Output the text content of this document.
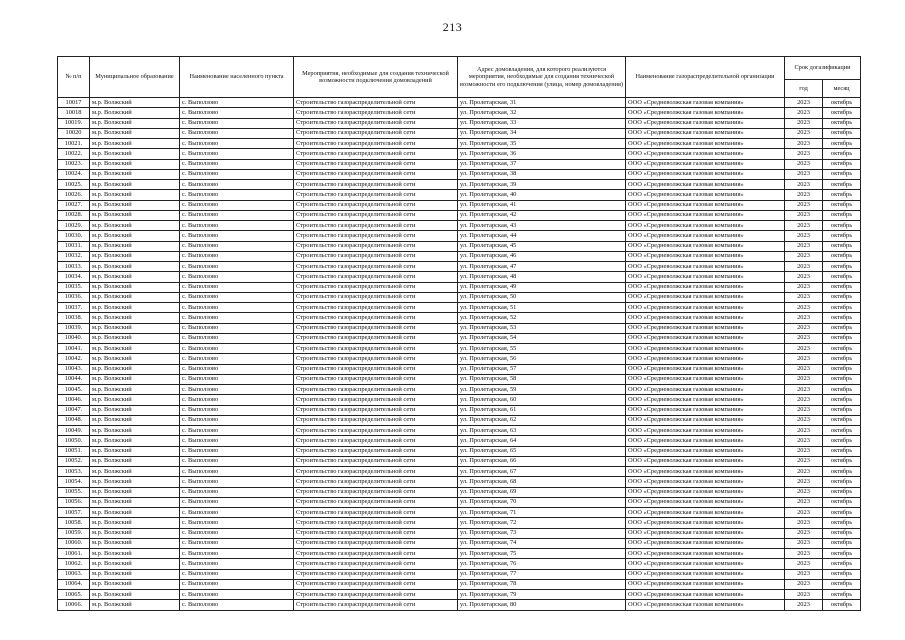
213
№ п/п	Муниципальное образование	Наименование населенного пункта	Мероприятия, необходимые для создания технической возможности подключения домовладений	Адрес домовладения, для которого реализуются мероприятия, необходимые для создания технической возможности его подключения (улица, номер домовладения)	Наименование газораспределительной организации	Срок догазификации	
						год	месяц
10017	м.р. Волжский	с. Выползово	Строительство газораспределительной сети	ул. Пролетарская, 31	ООО «Средневолжская газовая компания»	2023	октябрь
10018	м.р. Волжский	с. Выползово	Строительство газораспределительной сети	ул. Пролетарская, 32	ООО «Средневолжская газовая компания»	2023	октябрь
10019.	м.р. Волжский	с. Выползово	Строительство газораспределительной сети	ул. Пролетарская, 33	ООО «Средневолжская газовая компания»	2023	октябрь
10020	м.р. Волжский	с. Выползово	Строительство газораспределительной сети	ул. Пролетарская, 34	ООО «Средневолжская газовая компания»	2023	октябрь
10021.	м.р. Волжский	с. Выползово	Строительство газораспределительной сети	ул. Пролетарская, 35	ООО «Средневолжская газовая компания»	2023	октябрь
10022.	м.р. Волжский	с. Выползово	Строительство газораспределительной сети	ул. Пролетарская, 36	ООО «Средневолжская газовая компания»	2023	октябрь
10023.	м.р. Волжский	с. Выползово	Строительство газораспределительной сети	ул. Пролетарская, 37	ООО «Средневолжская газовая компания»	2023	октябрь
10024.	м.р. Волжский	с. Выползово	Строительство газораспределительной сети	ул. Пролетарская, 38	ООО «Средневолжская газовая компания»	2023	октябрь
10025.	м.р. Волжский	с. Выползово	Строительство газораспределительной сети	ул. Пролетарская, 39	ООО «Средневолжская газовая компания»	2023	октябрь
10026.	м.р. Волжский	с. Выползово	Строительство газораспределительной сети	ул. Пролетарская, 40	ООО «Средневолжская газовая компания»	2023	октябрь
10027.	м.р. Волжский	с. Выползово	Строительство газораспределительной сети	ул. Пролетарская, 41	ООО «Средневолжская газовая компания»	2023	октябрь
10028.	м.р. Волжский	с. Выползово	Строительство газораспределительной сети	ул. Пролетарская, 42	ООО «Средневолжская газовая компания»	2023	октябрь
10029.	м.р. Волжский	с. Выползово	Строительство газораспределительной сети	ул. Пролетарская, 43	ООО «Средневолжская газовая компания»	2023	октябрь
10030.	м.р. Волжский	с. Выползово	Строительство газораспределительной сети	ул. Пролетарская, 44	ООО «Средневолжская газовая компания»	2023	октябрь
10031.	м.р. Волжский	с. Выползово	Строительство газораспределительной сети	ул. Пролетарская, 45	ООО «Средневолжская газовая компания»	2023	октябрь
10032.	м.р. Волжский	с. Выползово	Строительство газораспределительной сети	ул. Пролетарская, 46	ООО «Средневолжская газовая компания»	2023	октябрь
10033.	м.р. Волжский	с. Выползово	Строительство газораспределительной сети	ул. Пролетарская, 47	ООО «Средневолжская газовая компания»	2023	октябрь
10034.	м.р. Волжский	с. Выползово	Строительство газораспределительной сети	ул. Пролетарская, 48	ООО «Средневолжская газовая компания»	2023	октябрь
10035.	м.р. Волжский	с. Выползово	Строительство газораспределительной сети	ул. Пролетарская, 49	ООО «Средневолжская газовая компания»	2023	октябрь
10036.	м.р. Волжский	с. Выползово	Строительство газораспределительной сети	ул. Пролетарская, 50	ООО «Средневолжская газовая компания»	2023	октябрь
10037.	м.р. Волжский	с. Выползово	Строительство газораспределительной сети	ул. Пролетарская, 51	ООО «Средневолжская газовая компания»	2023	октябрь
10038.	м.р. Волжский	с. Выползово	Строительство газораспределительной сети	ул. Пролетарская, 52	ООО «Средневолжская газовая компания»	2023	октябрь
10039.	м.р. Волжский	с. Выползово	Строительство газораспределительной сети	ул. Пролетарская, 53	ООО «Средневолжская газовая компания»	2023	октябрь
10040.	м.р. Волжский	с. Выползово	Строительство газораспределительной сети	ул. Пролетарская, 54	ООО «Средневолжская газовая компания»	2023	октябрь
10041.	м.р. Волжский	с. Выползово	Строительство газораспределительной сети	ул. Пролетарская, 55	ООО «Средневолжская газовая компания»	2023	октябрь
10042.	м.р. Волжский	с. Выползово	Строительство газораспределительной сети	ул. Пролетарская, 56	ООО «Средневолжская газовая компания»	2023	октябрь
10043.	м.р. Волжский	с. Выползово	Строительство газораспределительной сети	ул. Пролетарская, 57	ООО «Средневолжская газовая компания»	2023	октябрь
10044.	м.р. Волжский	с. Выползово	Строительство газораспределительной сети	ул. Пролетарская, 58	ООО «Средневолжская газовая компания»	2023	октябрь
10045.	м.р. Волжский	с. Выползово	Строительство газораспределительной сети	ул. Пролетарская, 59	ООО «Средневолжская газовая компания»	2023	октябрь
10046.	м.р. Волжский	с. Выползово	Строительство газораспределительной сети	ул. Пролетарская, 60	ООО «Средневолжская газовая компания»	2023	октябрь
10047.	м.р. Волжский	с. Выползово	Строительство газораспределительной сети	ул. Пролетарская, 61	ООО «Средневолжская газовая компания»	2023	октябрь
10048.	м.р. Волжский	с. Выползово	Строительство газораспределительной сети	ул. Пролетарская, 62	ООО «Средневолжская газовая компания»	2023	октябрь
10049.	м.р. Волжский	с. Выползово	Строительство газораспределительной сети	ул. Пролетарская, 63	ООО «Средневолжская газовая компания»	2023	октябрь
10050.	м.р. Волжский	с. Выползово	Строительство газораспределительной сети	ул. Пролетарская, 64	ООО «Средневолжская газовая компания»	2023	октябрь
10051.	м.р. Волжский	с. Выползово	Строительство газораспределительной сети	ул. Пролетарская, 65	ООО «Средневолжская газовая компания»	2023	октябрь
10052.	м.р. Волжский	с. Выползово	Строительство газораспределительной сети	ул. Пролетарская, 66	ООО «Средневолжская газовая компания»	2023	октябрь
10053.	м.р. Волжский	с. Выползово	Строительство газораспределительной сети	ул. Пролетарская, 67	ООО «Средневолжская газовая компания»	2023	октябрь
10054.	м.р. Волжский	с. Выползово	Строительство газораспределительной сети	ул. Пролетарская, 68	ООО «Средневолжская газовая компания»	2023	октябрь
10055.	м.р. Волжский	с. Выползово	Строительство газораспределительной сети	ул. Пролетарская, 69	ООО «Средневолжская газовая компания»	2023	октябрь
10056.	м.р. Волжский	с. Выползово	Строительство газораспределительной сети	ул. Пролетарская, 70	ООО «Средневолжская газовая компания»	2023	октябрь
10057.	м.р. Волжский	с. Выползово	Строительство газораспределительной сети	ул. Пролетарская, 71	ООО «Средневолжская газовая компания»	2023	октябрь
10058.	м.р. Волжский	с. Выползово	Строительство газораспределительной сети	ул. Пролетарская, 72	ООО «Средневолжская газовая компания»	2023	октябрь
10059.	м.р. Волжский	с. Выползово	Строительство газораспределительной сети	ул. Пролетарская, 73	ООО «Средневолжская газовая компания»	2023	октябрь
10060.	м.р. Волжский	с. Выползово	Строительство газораспределительной сети	ул. Пролетарская, 74	ООО «Средневолжская газовая компания»	2023	октябрь
10061.	м.р. Волжский	с. Выползово	Строительство газораспределительной сети	ул. Пролетарская, 75	ООО «Средневолжская газовая компания»	2023	октябрь
10062.	м.р. Волжский	с. Выползово	Строительство газораспределительной сети	ул. Пролетарская, 76	ООО «Средневолжская газовая компания»	2023	октябрь
10063.	м.р. Волжский	с. Выползово	Строительство газораспределительной сети	ул. Пролетарская, 77	ООО «Средневолжская газовая компания»	2023	октябрь
10064.	м.р. Волжский	с. Выползово	Строительство газораспределительной сети	ул. Пролетарская, 78	ООО «Средневолжская газовая компания»	2023	октябрь
10065.	м.р. Волжский	с. Выползово	Строительство газораспределительной сети	ул. Пролетарская, 79	ООО «Средневолжская газовая компания»	2023	октябрь
10066.	м.р. Волжский	с. Выползово	Строительство газораспределительной сети	ул. Пролетарская, 80	ООО «Средневолжская газовая компания»	2023	октябрь
